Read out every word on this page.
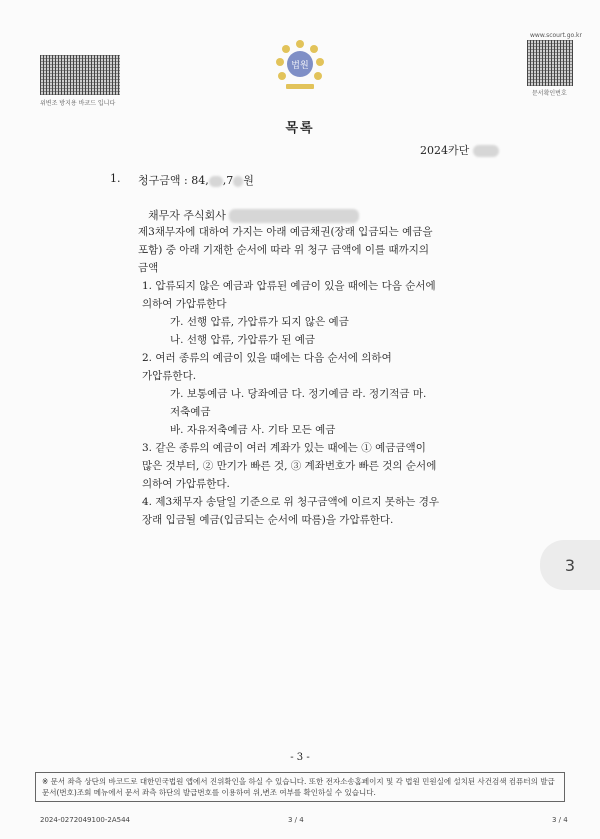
위변조 방지용 바코드 입니다
www.scourt.go.kr
문서확인번호
법원
목록
2024카단
1. 청구금액 : 84, ,7 원
채무자 주식회사

제3채무자에 대하여 가지는 아래 예금채권(장래 입금되는 예금을

포함) 중 아래 기재한 순서에 따라 위 청구 금액에 이를 때까지의

금액

1. 압류되지 않은 예금과 압류된 예금이 있을 때에는 다음 순서에

의하여 가압류한다

가. 선행 압류, 가압류가 되지 않은 예금

나. 선행 압류, 가압류가 된 예금

2. 여러 종류의 예금이 있을 때에는 다음 순서에 의하여

가압류한다.

가. 보통예금 나. 당좌예금 다. 정기예금 라. 정기적금 마.

저축예금

바. 자유저축예금 사. 기타 모든 예금

3. 같은 종류의 예금이 여러 계좌가 있는 때에는 ① 예금금액이

많은 것부터, ② 만기가 빠른 것, ③ 계좌번호가 빠른 것의 순서에

의하여 가압류한다.

4. 제3채무자 송달일 기준으로 위 청구금액에 이르지 못하는 경우

장래 입금될 예금(입금되는 순서에 따름)을 가압류한다.

- 3 -
※ 문서 좌측 상단의 바코드로 대한민국법원 앱에서 진위확인을 하실 수 있습니다. 또한 전자소송홈페이지 및 각 법원 민원실에 설치된 사건검색 컴퓨터의 발급문서(번호)조회 메뉴에서 문서 좌측 하단의 발급번호를 이용하여 위,변조 여부를 확인하실 수 있습니다.
2024-0272049100-2A544	3 / 4	3 / 4
3
